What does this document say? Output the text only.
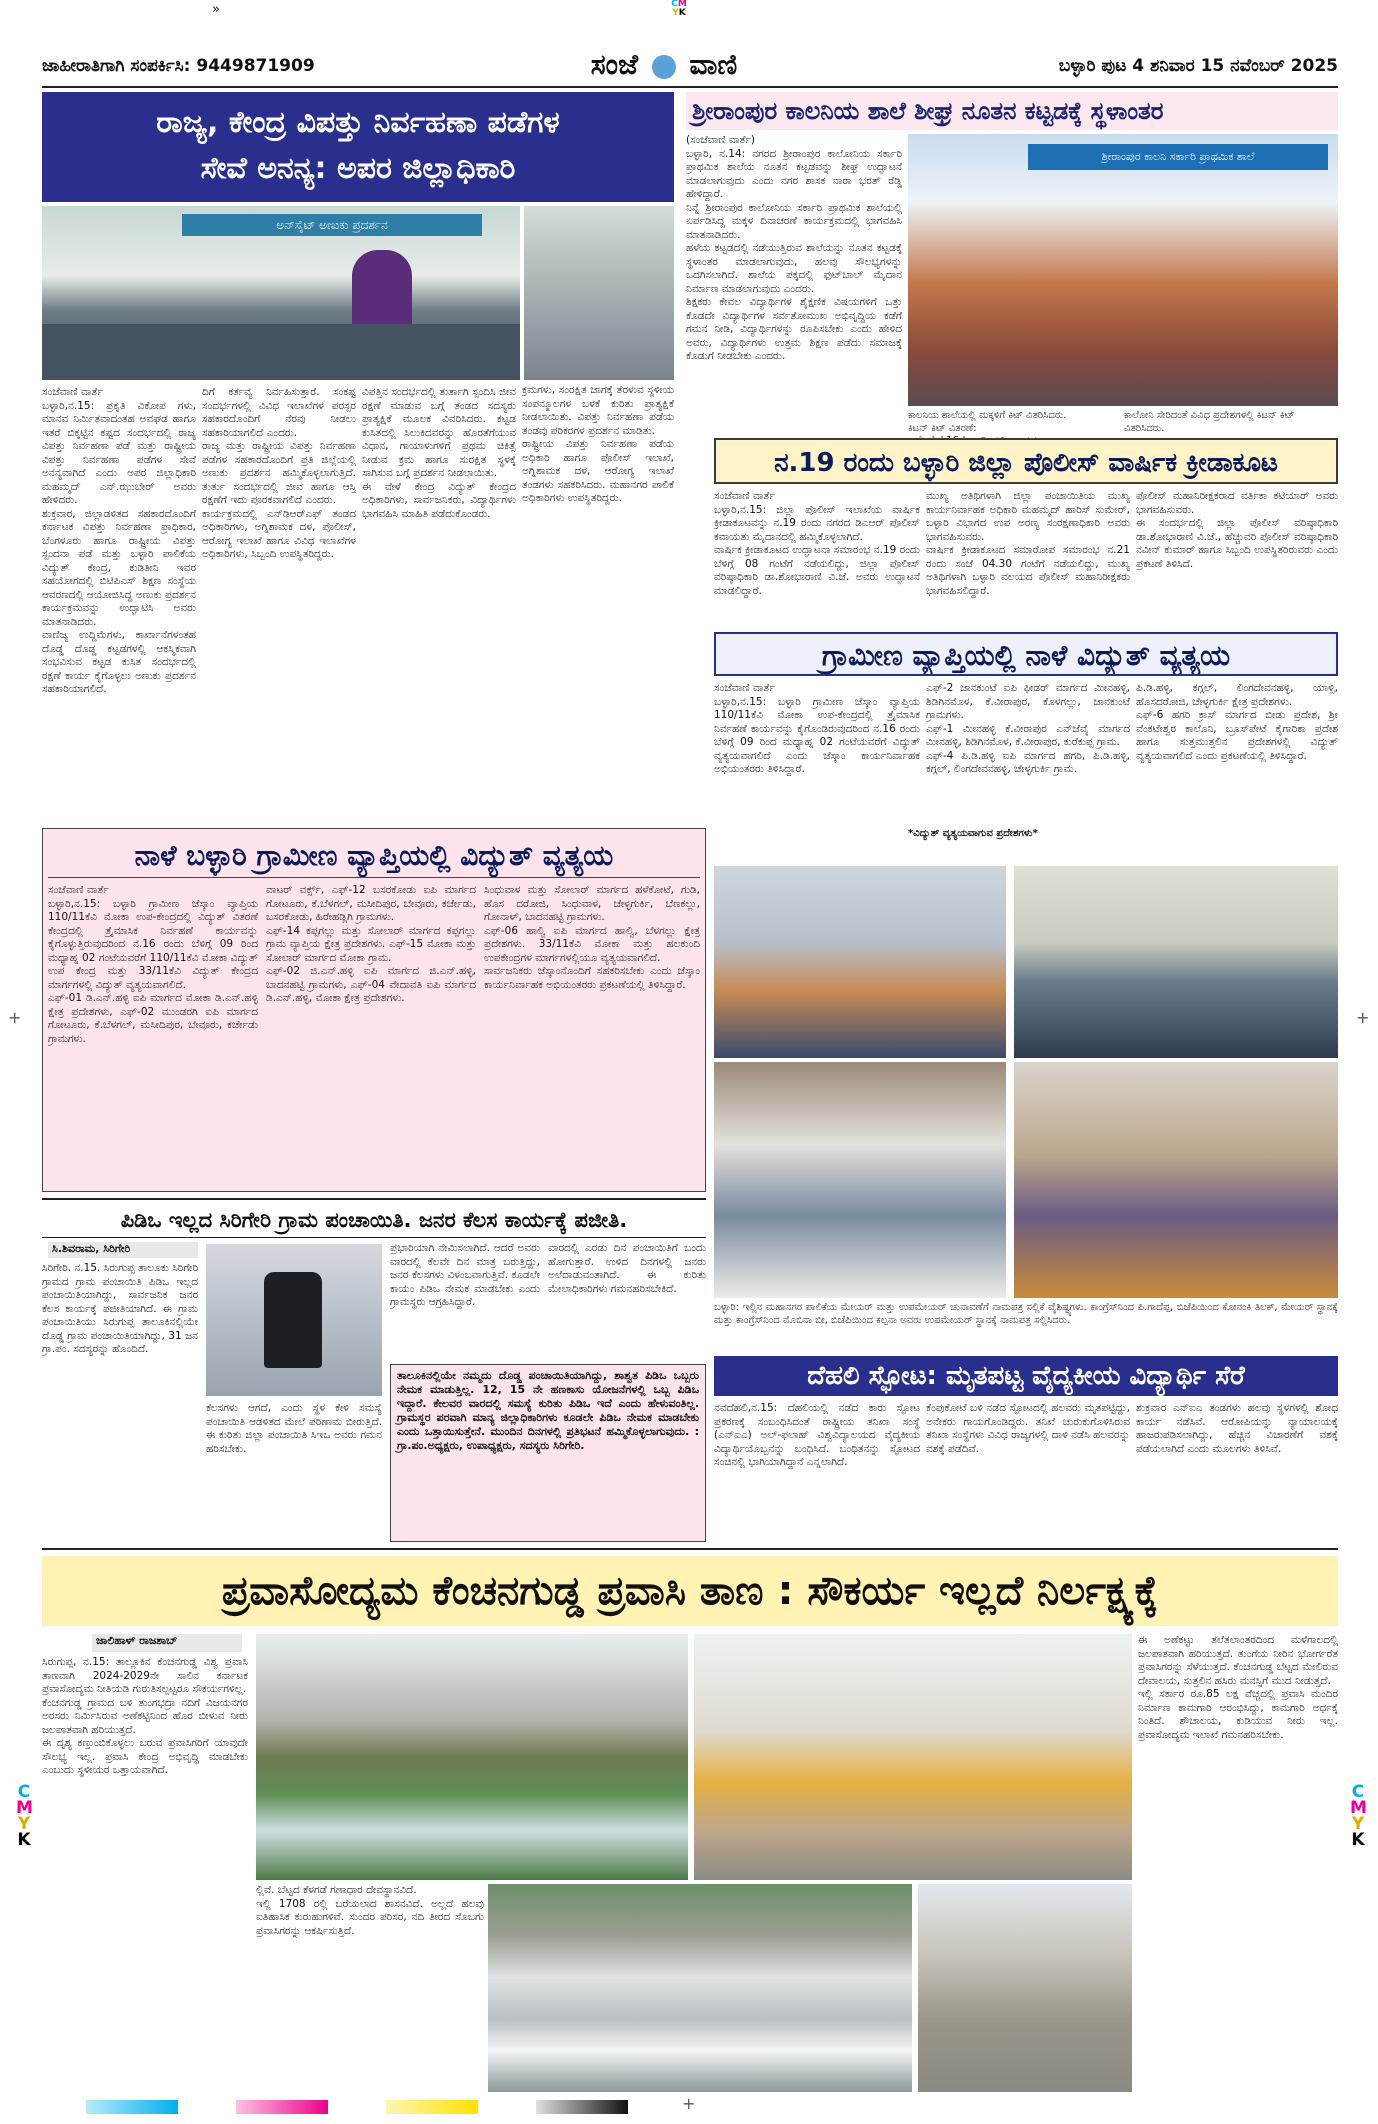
»	CM
YK
ಜಾಹೀರಾತಿಗಾಗಿ ಸಂಪರ್ಕಿಸಿ: 9449871909	ಸಂಜೆ ವಾಣಿ	ಬಳ್ಳಾರಿ ಪುಟ 4 ಶನಿವಾರ 15 ನವೆಂಬರ್ 2025
ರಾಜ್ಯ, ಕೇಂದ್ರ ವಿಪತ್ತು ನಿರ್ವಹಣಾ ಪಡೆಗಳ
ಸೇವೆ ಅನನ್ಯ: ಅಪರ ಜಿಲ್ಲಾಧಿಕಾರಿ
ಅನ್‌ಸೈಟ್ ಅಣುಕು ಪ್ರದರ್ಶನ
ಸಂಜೆವಾಣಿ ವಾರ್ತೆ
ಬಳ್ಳಾರಿ,ನ.15: ಪ್ರಕೃತಿ ವಿಕೋಪ ಗಳು, ಮಾನವ ನಿರ್ಮಿತವಾದಂತಹ ಅವಘಡ ಹಾಗೂ ಇತರೆ ಬಿಕ್ಕಟ್ಟಿನ ಕಷ್ಟದ ಸಂದರ್ಭದಲ್ಲಿ ರಾಜ್ಯ ವಿಪತ್ತು ನಿರ್ವಹಣಾ ಪಡೆ ಮತ್ತು ರಾಷ್ಟ್ರೀಯ ವಿಪತ್ತು ನಿರ್ವಹಣಾ ಪಡೆಗಳ ಸೇವೆ ಅನನ್ಯವಾಗಿದೆ ಎಂದು ಅಪರ ಜಿಲ್ಲಾಧಿಕಾರಿ ಮಹಮ್ಮದ್ ಎನ್.ಝುಬೇರ್ ಅವರು ಹೇಳಿದರು.
ಶುಕ್ರವಾರ, ಜಿಲ್ಲಾಡಳಿತದ ಸಹಕಾರದೊಂದಿಗೆ ಕರ್ನಾಟಕ ವಿಪತ್ತು ನಿರ್ವಹಣಾ ಪ್ರಾಧಿಕಾರ, ಬೆಂಗಳೂರು ಹಾಗೂ ರಾಷ್ಟ್ರೀಯ ವಿಪತ್ತು ಸ್ಪಂದನಾ ಪಡೆ ಮತ್ತು ಬಳ್ಳಾರಿ ಪಾಲಿಕೆಯ ವಿದ್ಯುತ್ ಕೇಂದ್ರ, ಕುಡಿತೀನಿ ಇವರ ಸಹಯೋಗದಲ್ಲಿ ಬಿಟಿಪಿಎಸ್ ಶಿಕ್ಷಣ ಸಂಸ್ಥೆಯ ಆವರಣದಲ್ಲಿ ಆಯೋಜಿಸಿದ್ದ ಅಣುಕು ಪ್ರದರ್ಶನ ಕಾರ್ಯಕ್ರಮವನ್ನು ಉದ್ಘಾಟಿಸಿ ಅವರು ಮಾತನಾಡಿದರು.
ವಾಣಿಜ್ಯ ಉದ್ದಿಮೆಗಳು, ಕಾರ್ಖಾನೆಗಳಂತಹ ದೊಡ್ಡ ದೊಡ್ಡ ಕಟ್ಟಡಗಳಲ್ಲಿ ಆಕಸ್ಮಿಕವಾಗಿ ಸಂಭವಿಸುವ ಕಟ್ಟಡ ಕುಸಿತ ಸಂದರ್ಭದಲ್ಲಿ ರಕ್ಷಣೆ ಕಾರ್ಯ ಕೈಗೊಳ್ಳಲು ಅಣುಕು ಪ್ರದರ್ಶನ ಸಹಕಾರಿಯಾಗಲಿದೆ.
ದಿಗೆ ಕರ್ತವ್ಯ ನಿರ್ವಹಿಸುತ್ತಾರೆ. ಸಂಕಷ್ಟ ಸಂದರ್ಭಗಳಲ್ಲಿ ವಿವಿಧ ಇಲಾಖೆಗಳ ಪರಸ್ಪರ ಸಹಕಾರದೊಂದಿಗೆ ನೆರವು ನೀಡಲು ಸಹಕಾರಿಯಾಗಲಿದೆ ಎಂದರು.
ರಾಜ್ಯ ಮತ್ತು ರಾಷ್ಟ್ರೀಯ ವಿಪತ್ತು ನಿರ್ವಹಣಾ ಪಡೆಗಳ ಸಹಕಾರದೊಂದಿಗೆ ಪ್ರತಿ ಜಿಲ್ಲೆಯಲ್ಲಿ ಅಣುಕು ಪ್ರದರ್ಶನ ಹಮ್ಮಿಕೊಳ್ಳಲಾಗುತ್ತಿದೆ. ತುರ್ತು ಸಂದರ್ಭದಲ್ಲಿ ಜೀವ ಹಾಗೂ ಆಸ್ತಿ ರಕ್ಷಣೆಗೆ ಇದು ಪೂರಕವಾಗಲಿದೆ ಎಂದರು.
ಕಾರ್ಯಕ್ರಮದಲ್ಲಿ ಎನ್‌ಡಿಆರ್‌ಎಫ್ ತಂಡದ ಅಧಿಕಾರಿಗಳು, ಅಗ್ನಿಶಾಮಕ ದಳ, ಪೊಲೀಸ್, ಆರೋಗ್ಯ ಇಲಾಖೆ ಹಾಗೂ ವಿವಿಧ ಇಲಾಖೆಗಳ ಅಧಿಕಾರಿಗಳು, ಸಿಬ್ಬಂದಿ ಉಪಸ್ಥಿತರಿದ್ದರು.
ವಿಪತ್ತಿನ ಸಂದರ್ಭದಲ್ಲಿ ತುರ್ತಾಗಿ ಸ್ಪಂದಿಸಿ ಜೀವ ರಕ್ಷಣೆ ಮಾಡುವ ಬಗ್ಗೆ ತಂಡದ ಸದಸ್ಯರು ಪ್ರಾತ್ಯಕ್ಷಿಕೆ ಮೂಲಕ ವಿವರಿಸಿದರು. ಕಟ್ಟಡ ಕುಸಿತದಲ್ಲಿ ಸಿಲುಕಿದವರನ್ನು ಹೊರತೆಗೆಯುವ ವಿಧಾನ, ಗಾಯಾಳುಗಳಿಗೆ ಪ್ರಥಮ ಚಿಕಿತ್ಸೆ ನೀಡುವ ಕ್ರಮ ಹಾಗೂ ಸುರಕ್ಷಿತ ಸ್ಥಳಕ್ಕೆ ಸಾಗಿಸುವ ಬಗ್ಗೆ ಪ್ರದರ್ಶನ ನೀಡಲಾಯಿತು.
ಈ ವೇಳೆ ಕೇಂದ್ರ ವಿದ್ಯುತ್ ಕೇಂದ್ರದ ಅಧಿಕಾರಿಗಳು, ಸಾರ್ವಜನಿಕರು, ವಿದ್ಯಾರ್ಥಿಗಳು ಭಾಗವಹಿಸಿ ಮಾಹಿತಿ ಪಡೆದುಕೊಂಡರು.
ಕ್ರಮಗಳು, ಸಂರಕ್ಷಿತ ಜಾಗಕ್ಕೆ ತೆರಳುವ ಸ್ಥಳೀಯ ಸಂಪನ್ಮೂಲಗಳ ಬಳಕೆ ಕುರಿತು ಪ್ರಾತ್ಯಕ್ಷಿಕೆ ನೀಡಲಾಯಿತು. ವಿಪತ್ತು ನಿರ್ವಹಣಾ ಪಡೆಯ ತಂಡವು ಪರಿಕರಗಳ ಪ್ರದರ್ಶನ ಮಾಡಿತು.
ರಾಷ್ಟ್ರೀಯ ವಿಪತ್ತು ನಿರ್ವಹಣಾ ಪಡೆಯ ಅಧಿಕಾರಿ ಹಾಗೂ ಪೊಲೀಸ್ ಇಲಾಖೆ, ಅಗ್ನಿಶಾಮಕ ದಳ, ಆರೋಗ್ಯ ಇಲಾಖೆ ತಂಡಗಳು ಸಹಕರಿಸಿದರು. ಮಹಾನಗರ ಪಾಲಿಕೆ ಅಧಿಕಾರಿಗಳು ಉಪಸ್ಥಿತರಿದ್ದರು.
ಶ್ರೀರಾಂಪುರ ಕಾಲನಿಯ ಶಾಲೆ ಶೀಘ್ರ ನೂತನ ಕಟ್ಟಡಕ್ಕೆ ಸ್ಥಳಾಂತರ
(ಸಂಜೆವಾಣಿ ವಾರ್ತೆ)
ಬಳ್ಳಾರಿ, ನ.14: ನಗರದ ಶ್ರೀರಾಂಪುರ ಕಾಲೋನಿಯ ಸರ್ಕಾರಿ ಪ್ರಾಥಮಿಕ ಶಾಲೆಯ ನೂತನ ಕಟ್ಟಡವನ್ನು ಶೀಘ್ರ ಉದ್ಘಾಟನೆ ಮಾಡಲಾಗುವುದು ಎಂದು ನಗರ ಶಾಸಕ ನಾರಾ ಭರತ್ ರೆಡ್ಡಿ ಹೇಳಿದ್ದಾರೆ.
ನಿನ್ನೆ ಶ್ರೀರಾಂಪುರ ಕಾಲೋನಿಯ ಸರ್ಕಾರಿ ಪ್ರಾಥಮಿಕ ಶಾಲೆಯಲ್ಲಿ ಏರ್ಪಡಿಸಿದ್ದ ಮಕ್ಕಳ ದಿನಾಚರಣೆ ಕಾರ್ಯಕ್ರಮದಲ್ಲಿ ಭಾಗವಹಿಸಿ ಮಾತನಾಡಿದರು.
ಹಳೆಯ ಕಟ್ಟಡದಲ್ಲಿ ನಡೆಯುತ್ತಿರುವ ಶಾಲೆಯನ್ನು ನೂತನ ಕಟ್ಟಡಕ್ಕೆ ಸ್ಥಳಾಂತರ ಮಾಡಲಾಗುವುದು, ಹಲವು ಸೌಲಭ್ಯಗಳನ್ನು ಒದಗಿಸಲಾಗಿದೆ. ಶಾಲೆಯ ಪಕ್ಕದಲ್ಲಿ ಫುಟ್‌ಬಾಲ್ ಮೈದಾನ ನಿರ್ಮಾಣ ಮಾಡಲಾಗುವುದು ಎಂದರು.
ಶಿಕ್ಷಕರು ಕೇವಲ ವಿದ್ಯಾರ್ಥಿಗಳ ಶೈಕ್ಷಣಿಕ ವಿಷಯಗಳಿಗೆ ಒತ್ತು ಕೊಡದೇ ವಿದ್ಯಾರ್ಥಿಗಳ ಸರ್ವತೋಮುಖ ಅಭಿವೃದ್ಧಿಯ ಕಡೆಗೆ ಗಮನ ನೀಡಿ, ವಿದ್ಯಾರ್ಥಿಗಳನ್ನು ರೂಪಿಸಬೇಕು ಎಂದು ಹೇಳಿದ ಅವರು, ವಿದ್ಯಾರ್ಥಿಗಳು ಉತ್ತಮ ಶಿಕ್ಷಣ ಪಡೆದು ಸಮಾಜಕ್ಕೆ ಕೊಡುಗೆ ನೀಡಬೇಕು ಎಂದರು.
ಶ್ರೀರಾಂಪುರ ಕಾಲನಿ ಸರ್ಕಾರಿ ಪ್ರಾಥಮಿಕ ಶಾಲೆ
ಕಾಲನಿಯ ಶಾಲೆಯಲ್ಲಿ ಮಕ್ಕಳಿಗೆ ಕಿಟ್ ವಿತರಿಸಿದರು.
ಕಿಟನ್ ಕಿಟ್ ವಿತರಣೆ:

ಕಾಲೋನಿ ಸೇರಿದಂತೆ ವಿವಿಧ ಪ್ರದೇಶಗಳಲ್ಲಿ ಕಿಟನ್ ಕಿಟ್ ವಿತರಿಸಿದರು.
ನ.19 ರಂದು ಬಳ್ಳಾರಿ ಜಿಲ್ಲಾ ಪೊಲೀಸ್ ವಾರ್ಷಿಕ ಕ್ರೀಡಾಕೂಟ
ಸಂಜೆವಾಣಿ ವಾರ್ತೆ
ಬಳ್ಳಾರಿ,ನ.15: ಜಿಲ್ಲಾ ಪೊಲೀಸ್ ಇಲಾಖೆಯ ವಾರ್ಷಿಕ ಕ್ರೀಡಾಕೂಟವನ್ನು ನ.19 ರಂದು ನಗರದ ಡಿಎಆರ್ ಪೊಲೀಸ್ ಕವಾಯತು ಮೈದಾನದಲ್ಲಿ ಹಮ್ಮಿಕೊಳ್ಳಲಾಗಿದೆ.
ವಾರ್ಷಿಕ ಕ್ರೀಡಾಕೂಟದ ಉದ್ಘಾಟನಾ ಸಮಾರಂಭ ನ.19 ರಂದು ಬೆಳಿಗ್ಗೆ 08 ಗಂಟೆಗೆ ನಡೆಯಲಿದ್ದು, ಜಿಲ್ಲಾ ಪೊಲೀಸ್ ವರಿಷ್ಠಾಧಿಕಾರಿ ಡಾ.ಶೋಭಾರಾಣಿ ವಿ.ಜೆ. ಅವರು ಉದ್ಘಾಟನೆ ಮಾಡಲಿದ್ದಾರೆ.
ಮುಖ್ಯ ಅತಿಥಿಗಳಾಗಿ ಜಿಲ್ಲಾ ಪಂಚಾಯಿತಿಯ ಮುಖ್ಯ ಕಾರ್ಯನಿರ್ವಾಹಕ ಅಧಿಕಾರಿ ಮಹಮ್ಮದ್ ಹಾರಿಸ್ ಸುಮೇರ್, ಬಳ್ಳಾರಿ ವಿಭಾಗದ ಉಪ ಅರಣ್ಯ ಸಂರಕ್ಷಣಾಧಿಕಾರಿ ಅವರು ಭಾಗವಹಿಸುವರು.
ವಾರ್ಷಿಕ ಕ್ರೀಡಾಕೂಟದ ಸಮಾರೋಪ ಸಮಾರಂಭ ನ.21 ರಂದು ಸಂಜೆ 04.30 ಗಂಟೆಗೆ ನಡೆಯಲಿದ್ದು, ಮುಖ್ಯ ಅತಿಥಿಗಳಾಗಿ ಬಳ್ಳಾರಿ ವಲಯದ ಪೊಲೀಸ್ ಮಹಾನಿರೀಕ್ಷಕರು ಭಾಗವಹಿಸಲಿದ್ದಾರೆ.
ಪೊಲೀಸ್ ಮಹಾನಿರೀಕ್ಷಕರಾದ ವರ್ತಿಕಾ ಕಟಿಯಾರ್ ಅವರು ಭಾಗವಹಿಸುವರು.
ಈ ಸಂದರ್ಭದಲ್ಲಿ ಜಿಲ್ಲಾ ಪೊಲೀಸ್ ವರಿಷ್ಠಾಧಿಕಾರಿ ಡಾ.ಶೋಭಾರಾಣಿ ವಿ.ಜೆ., ಹೆಚ್ಚುವರಿ ಪೊಲೀಸ್ ವರಿಷ್ಠಾಧಿಕಾರಿ ನವೀನ್ ಕುಮಾರ್ ಹಾಗೂ ಸಿಬ್ಬಂದಿ ಉಪಸ್ಥಿತರಿರುವರು ಎಂದು ಪ್ರಕಟಣೆ ತಿಳಿಸಿದೆ.
ಗ್ರಾಮೀಣ ವ್ಯಾಪ್ತಿಯಲ್ಲಿ ನಾಳೆ ವಿದ್ಯುತ್ ವ್ಯತ್ಯಯ
ಸಂಜೆವಾಣಿ ವಾರ್ತೆ
ಬಳ್ಳಾರಿ,ನ.15: ಬಳ್ಳಾರಿ ಗ್ರಾಮೀಣ ಜೆಸ್ಕಾಂ ವ್ಯಾಪ್ತಿಯ 110/11ಕೆವಿ ಮೋಕಾ ಉಪ-ಕೇಂದ್ರದಲ್ಲಿ ತ್ರೈಮಾಸಿಕ ನಿರ್ವಹಣೆ ಕಾರ್ಯವನ್ನು ಕೈಗೊಂಡಿರುವುದರಿಂದ ನ.16 ರಂದು ಬೆಳಿಗ್ಗೆ 09 ರಿಂದ ಮಧ್ಯಾಹ್ನ 02 ಗಂಟೆಯವರೆಗೆ ವಿದ್ಯುತ್ ವ್ಯತ್ಯಯವಾಗಲಿದೆ ಎಂದು ಜೆಸ್ಕಾಂ ಕಾರ್ಯನಿರ್ವಾಹಕ ಅಭಿಯಂತರರು ತಿಳಿಸಿದ್ದಾರೆ.
ಎಫ್-2 ಜಾನಕುಂಟೆ ಐಪಿ ಫೀಡರ್ ಮಾರ್ಗದ ಮೀನಹಳ್ಳಿ, ಶಿಡಿಗಿನಮೊಳ, ಕೆ.ವೀರಾಪುರ, ಕೊಳಗಲ್ಲು, ಜಾನಕುಂಟೆ ಗ್ರಾಮಗಳು.
ಎಫ್-1 ಮೀನಹಳ್ಳಿ ಕೆ.ವೀರಾಪುರ ಎನ್‌ಜೆವೈ ಮಾರ್ಗದ ಮೀನಹಳ್ಳಿ, ಶಿಡಿಗಿನಮೊಳ, ಕೆ.ವೀರಾಪುರ, ಕುರೆಕುಪ್ಪ ಗ್ರಾಮ.
ಎಫ್-4 ಪಿ.ಡಿ.ಹಳ್ಳಿ ಐಪಿ ಮಾರ್ಗದ ಹಗರಿ, ಪಿ.ಡಿ.ಹಳ್ಳಿ, ಕಗ್ಗಲ್, ಲಿಂಗದೇವನಹಳ್ಳಿ, ಚೇಳ್ಳಗುರ್ಕಿ ಗ್ರಾಮ.
ಪಿ.ಡಿ.ಹಳ್ಳಿ, ಕಗ್ಗಲ್, ಲಿಂಗದೇವನಹಳ್ಳಿ, ಯಾಳ್ಪಿ, ಹೊಸದರೋಜಿ, ಚೇಳ್ಳಗುರ್ಕಿ ಕ್ಷೇತ್ರ ಪ್ರದೇಶಗಳು.
ಎಫ್-6 ಹಗರಿ ಕ್ರಾಸ್ ಮಾರ್ಗದ ಬೀಡು ಪ್ರದೇಶ, ಶ್ರೀ ವೆಂಕಟೇಶ್ವರ ಕಾಲೊನಿ, ಬ್ರೂಸ್‌ಪೇಟೆ ಕೈಗಾರಿಕಾ ಪ್ರದೇಶ ಹಾಗೂ ಸುತ್ತಮುತ್ತಲಿನ ಪ್ರದೇಶಗಳಲ್ಲಿ ವಿದ್ಯುತ್ ವ್ಯತ್ಯಯವಾಗಲಿದೆ ಎಂದು ಪ್ರಕಟಣೆಯಲ್ಲಿ ತಿಳಿಸಿದ್ದಾರೆ.
ನಾಳೆ ಬಳ್ಳಾರಿ ಗ್ರಾಮೀಣ ವ್ಯಾಪ್ತಿಯಲ್ಲಿ ವಿದ್ಯುತ್ ವ್ಯತ್ಯಯ
ಸಂಜೆವಾಣಿ ವಾರ್ತೆ
ಬಳ್ಳಾರಿ,ನ.15: ಬಳ್ಳಾರಿ ಗ್ರಾಮೀಣ ಜೆಸ್ಕಾಂ ವ್ಯಾಪ್ತಿಯ 110/11ಕೆವಿ ಮೋಕಾ ಉಪ-ಕೇಂದ್ರದಲ್ಲಿ ವಿದ್ಯುತ್ ವಿತರಣೆ ಕೇಂದ್ರದಲ್ಲಿ ತ್ರೈಮಾಸಿಕ ನಿರ್ವಹಣೆ ಕಾರ್ಯವನ್ನು ಕೈಗೊಳ್ಳುತ್ತಿರುವುದರಿಂದ ನ.16 ರಂದು ಬೆಳಿಗ್ಗೆ 09 ರಿಂದ ಮಧ್ಯಾಹ್ನ 02 ಗಂಟೆಯವರೆಗೆ 110/11ಕೆವಿ ಮೋಕಾ ವಿದ್ಯುತ್ ಉಪ ಕೇಂದ್ರ ಮತ್ತು 33/11ಕೆವಿ ವಿದ್ಯುತ್ ಕೇಂದ್ರದ ಮಾರ್ಗಗಳಲ್ಲಿ ವಿದ್ಯುತ್ ವ್ಯತ್ಯಯವಾಗಲಿದೆ.
ಎಫ್-01 ಡಿ.ಎನ್.ಹಳ್ಳಿ ಐಪಿ ಮಾರ್ಗದ ಮೋಕಾ ಡಿ.ಎನ್.ಹಳ್ಳಿ ಕ್ಷೇತ್ರ ಪ್ರದೇಶಗಳು, ಎಫ್-02 ಮುಂಡರಗಿ ಐಪಿ ಮಾರ್ಗದ ಗೋಟೂರು, ಕೆ.ಬೆಳಗಲ್, ಮಸೀದಿಪುರ, ಬೇವೂರು, ಕರ್ಚೇಡು ಗ್ರಾಮಗಳು.
ವಾಟರ್ ವರ್ಕ್ಸ್, ಎಫ್-12 ಬಸರಕೋಡು ಐಪಿ ಮಾರ್ಗದ ಗೋಟೂರು, ಕೆ.ಬೆಳಗಲ್, ಮಸೀದಿಪುರ, ಬೇವೂರು, ಕರ್ಚೇಡು, ಬಸರಕೋಡು, ಹಿರೇಹಡ್ಲಿಗಿ ಗ್ರಾಮಗಳು.
ಎಫ್-14 ಕಪ್ಪಗಲ್ಲು ಮತ್ತು ಸೋಲಾರ್ ಮಾರ್ಗದ ಕಪ್ಪಗಲ್ಲು ಗ್ರಾಮ ವ್ಯಾಪ್ತಿಯ ಕ್ಷೇತ್ರ ಪ್ರದೇಶಗಳು. ಎಫ್-15 ಮೋಕಾ ಮತ್ತು ಸೋಲಾರ್ ಮಾರ್ಗದ ಮೋಕಾ ಗ್ರಾಮ.
ಎಫ್-02 ಜಿ.ಎನ್.ಹಳ್ಳಿ ಐಪಿ ಮಾರ್ಗದ ಜಿ.ಎನ್.ಹಳ್ಳಿ, ಬಾದನಹಟ್ಟಿ ಗ್ರಾಮಗಳು, ಎಫ್-04 ವೇದಾವತಿ ಐಪಿ ಮಾರ್ಗದ ಡಿ.ಎನ್.ಹಳ್ಳಿ, ಮೋಕಾ ಕ್ಷೇತ್ರ ಪ್ರದೇಶಗಳು.
ಸಿಂಧುವಾಳ ಮತ್ತು ಸೋಲಾರ್ ಮಾರ್ಗದ ಹಳೆಕೋಟೆ, ಗುಡಿ, ಹೊಸ ದರೋಜಿ, ಸಿಂಧುವಾಳ, ಚೇಳ್ಳಗುರ್ಕಿ, ಬೆಣಕಲ್ಲು, ಗೋನಾಳ್, ಬಾದನಹಟ್ಟಿ ಗ್ರಾಮಗಳು.
ಎಫ್-06 ಹಾಲ್ವಿ ಐಪಿ ಮಾರ್ಗದ ಹಾಲ್ವಿ, ಬೆಳಗಲ್ಲು ಕ್ಷೇತ್ರ ಪ್ರದೇಶಗಳು. 33/11ಕೆವಿ ಮೋಕಾ ಮತ್ತು ಹಲಕುಂದಿ ಉಪಕೇಂದ್ರಗಳ ಮಾರ್ಗಗಳಲ್ಲಿಯೂ ವ್ಯತ್ಯಯವಾಗಲಿದೆ.
ಸಾರ್ವಜನಿಕರು ಜೆಸ್ಕಾಂನೊಂದಿಗೆ ಸಹಕರಿಸಬೇಕು ಎಂದು ಜೆಸ್ಕಾಂ ಕಾರ್ಯನಿರ್ವಾಹಕ ಅಭಿಯಂತರರು ಪ್ರಕಟಣೆಯಲ್ಲಿ ತಿಳಿಸಿದ್ದಾರೆ.
ಪಿಡಿಒ ಇಲ್ಲದ ಸಿರಿಗೇರಿ ಗ್ರಾಮ ಪಂಚಾಯಿತಿ. ಜನರ ಕೆಲಸ ಕಾರ್ಯಕ್ಕೆ ಪಜೀತಿ.
ಸಿ.ಶಿವರಾಮ, ಸಿರಿಗೇರಿ
ಸಿರಿಗೇರಿ. ನ.15. ಸಿರುಗುಪ್ಪ ತಾಲೂಕು ಸಿರಿಗೇರಿ ಗ್ರಾಮದ ಗ್ರಾಮ ಪಂಚಾಯಿತಿ ಪಿಡಿಒ ಇಲ್ಲದ ಪಂಚಾಯಿತಿಯಾಗಿದ್ದು, ಸಾರ್ವಜನಿಕ ಜನರ ಕೆಲಸ ಕಾರ್ಯಕ್ಕೆ ಪಜೀತಿಯಾಗಿದೆ. ಈ ಗ್ರಾಮ ಪಂಚಾಯಿತಿಯು ಸಿರುಗುಪ್ಪ ತಾಲೂಕಿನಲ್ಲಿಯೇ ದೊಡ್ಡ ಗ್ರಾಮ ಪಂಚಾಯಿತಿಯಾಗಿದ್ದು, 31 ಜನ ಗ್ರಾ.ಪಂ. ಸದಸ್ಯರನ್ನು ಹೊಂದಿದೆ.
ಪ್ರಭಾರಿಯಾಗಿ ನೇಮಿಸಲಾಗಿದೆ. ಆದರೆ ಅವರು ವಾರದಲ್ಲಿ ಕೆಲವೇ ದಿನ ಮಾತ್ರ ಬರುತ್ತಿದ್ದು, ಜನರ ಕೆಲಸಗಳು ವಿಳಂಬವಾಗುತ್ತಿವೆ. ಕೂಡಲೇ ಕಾಯಂ ಪಿಡಿಒ ನೇಮಕ ಮಾಡಬೇಕು ಎಂದು ಗ್ರಾಮಸ್ಥರು ಆಗ್ರಹಿಸಿದ್ದಾರೆ.
ವಾರದಲ್ಲಿ ಎರಡು ದಿನ ಪಂಚಾಯಿತಿಗೆ ಬಂದು ಹೋಗುತ್ತಾರೆ. ಉಳಿದ ದಿನಗಳಲ್ಲಿ ಜನರು ಅಲೆದಾಡುವಂತಾಗಿದೆ. ಈ ಕುರಿತು ಮೇಲಾಧಿಕಾರಿಗಳು ಗಮನಹರಿಸಬೇಕಿದೆ.
ಕೆಲಸಗಳು ಆಗದೆ, ಎಂದು ಸ್ಥಳ ಕೇಳಿ ಸಮಸ್ಯೆ ಪಂಚಾಯಿತಿ ಆಡಳಿತದ ಮೇಲೆ ಪರಿಣಾಮ ಬೀರುತ್ತಿದೆ. ಈ ಕುರಿತು ಜಿಲ್ಲಾ ಪಂಚಾಯಿತಿ ಸಿಇಒ ಅವರು ಗಮನ ಹರಿಸಬೇಕು.
ತಾಲೂಕಿನಲ್ಲಿಯೇ ನಮ್ಮದು ದೊಡ್ಡ ಪಂಚಾಯಿತಿಯಾಗಿದ್ದು, ಶಾಶ್ವತ ಪಿಡಿಒ ಒಬ್ಬರು ನೇಮಕ ಮಾಡುತ್ತಿಲ್ಲ. 12, 15 ನೇ ಹಣಕಾಸು ಯೋಜನೆಗಳಲ್ಲಿ ಒಬ್ಬ ಪಿಡಿಒ ಇದ್ದಾರೆ. ಕೇಲವರ ವಾರದಲ್ಲಿ ಸಮಸ್ಯೆ ಕುರಿತು ಪಿಡಿಒ ಇದೆ ಎಂದು ಹೇಳುವಂತಿಲ್ಲ. ಗ್ರಾಮಸ್ಥರ ಪರವಾಗಿ ಮಾನ್ಯ ಜಿಲ್ಲಾಧಿಕಾರಿಗಳು ಕೂಡಲೇ ಪಿಡಿಒ ನೇಮಕ ಮಾಡಬೇಕು ಎಂದು ಒತ್ತಾಯಿಸುತ್ತೇನೆ. ಮುಂದಿನ ದಿನಗಳಲ್ಲಿ ಪ್ರತಿಭಟನೆ ಹಮ್ಮಿಕೊಳ್ಳಲಾಗುವುದು. : ಗ್ರಾ.ಪಂ.ಅಧ್ಯಕ್ಷರು, ಉಪಾಧ್ಯಕ್ಷರು, ಸದಸ್ಯರು ಸಿರಿಗೇರಿ.
*ವಿದ್ಯುತ್ ವ್ಯತ್ಯಯವಾಗುವ ಪ್ರದೇಶಗಳು*
ಬಳ್ಳಾರಿ: ಇಲ್ಲಿನ ಮಹಾನಗರ ಪಾಲಿಕೆಯ ಮೇಯರ್ ಮತ್ತು ಉಪಮೇಯರ್ ಚುನಾವಣೆಗೆ ನಾಮಪತ್ರ ಸಲ್ಲಿಕೆ ವೈಶಿಷ್ಟ್ಯಗಳು. ಕಾಂಗ್ರೆಸ್‌ನಿಂದ ಪಿ.ಗಾದೆಪ್ಪ, ಬಿಜೆಪಿಯಿಂದ ಕೋನಂಕಿ ತಿಲಕ್, ಮೇಯರ್ ಸ್ಥಾನಕ್ಕೆ ಮತ್ತು ಕಾಂಗ್ರೆಸ್‌ನಿಂದ ಮೊಬಿನಾ ಬೀ, ಬಿಜೆಪಿಯಿಂದ ಕಲ್ಪನಾ ಅವರು ಉಪಮೇಯರ್ ಸ್ಥಾನಕ್ಕೆ ನಾಮಪತ್ರ ಸಲ್ಲಿಸಿದರು.
ದೆಹಲಿ ಸ್ಫೋಟ: ಮೃತಪಟ್ಟ ವೈದ್ಯಕೀಯ ವಿದ್ಯಾರ್ಥಿ ಸೆರೆ
ನವದೆಹಲಿ,ನ.15: ದೆಹಲಿಯಲ್ಲಿ ನಡೆದ ಕಾರು ಸ್ಫೋಟ ಪ್ರಕರಣಕ್ಕೆ ಸಂಬಂಧಿಸಿದಂತೆ ರಾಷ್ಟ್ರೀಯ ತನಿಖಾ ಸಂಸ್ಥೆ (ಎನ್ಐಎ) ಅಲ್-ಫಲಾಹ್ ವಿಶ್ವವಿದ್ಯಾಲಯದ ವೈದ್ಯಕೀಯ ವಿದ್ಯಾರ್ಥಿಯೊಬ್ಬನನ್ನು ಬಂಧಿಸಿದೆ. ಬಂಧಿತನನ್ನು ಸ್ಫೋಟದ ಸಂಚಿನಲ್ಲಿ ಭಾಗಿಯಾಗಿದ್ದಾನೆ ಎನ್ನಲಾಗಿದೆ.
ಕೆಂಪುಕೋಟೆ ಬಳಿ ನಡೆದ ಸ್ಫೋಟದಲ್ಲಿ ಹಲವರು ಮೃತಪಟ್ಟಿದ್ದು, ಅನೇಕರು ಗಾಯಗೊಂಡಿದ್ದರು. ತನಿಖೆ ಚುರುಕುಗೊಳಿಸಿರುವ ತನಿಖಾ ಸಂಸ್ಥೆಗಳು ವಿವಿಧ ರಾಜ್ಯಗಳಲ್ಲಿ ದಾಳಿ ನಡೆಸಿ ಹಲವರನ್ನು ವಶಕ್ಕೆ ಪಡೆದಿವೆ.
ಶುಕ್ರವಾರ ಎನ್ಐಎ ತಂಡಗಳು ಹಲವು ಸ್ಥಳಗಳಲ್ಲಿ ಶೋಧ ಕಾರ್ಯ ನಡೆಸಿವೆ. ಆರೋಪಿಯನ್ನು ನ್ಯಾಯಾಲಯಕ್ಕೆ ಹಾಜರುಪಡಿಸಲಾಗಿದ್ದು, ಹೆಚ್ಚಿನ ವಿಚಾರಣೆಗೆ ವಶಕ್ಕೆ ಪಡೆಯಲಾಗಿದೆ ಎಂದು ಮೂಲಗಳು ತಿಳಿಸಿವೆ.
ಪ್ರವಾಸೋದ್ಯಮ ಕೆಂಚನಗುಡ್ಡ ಪ್ರವಾಸಿ ತಾಣ : ಸೌಕರ್ಯ ಇಲ್ಲದೆ ನಿರ್ಲಕ್ಷ್ಯಕ್ಕೆ
ಜಾಲಿಹಾಳ್ ರಾಜಶಾಬ್
ಸಿರುಗುಪ್ಪ, ನ.15: ತಾಲ್ಲೂಕಿನ ಕೆಂಚನಗುಡ್ಡ ವಿಶ್ವ ಪ್ರವಾಸಿ ತಾಣವಾಗಿ 2024-2029ನೇ ಸಾಲಿನ ಕರ್ನಾಟಕ ಪ್ರವಾಸೋದ್ಯಮ ನೀತಿಯಡಿ ಗುರುತಿಸಲ್ಪಟ್ಟರೂ ಸೌಕರ್ಯಗಳಿಲ್ಲ.
ಕೆಂಚನಗುಡ್ಡ ಗ್ರಾಮದ ಬಳಿ ತುಂಗಭದ್ರಾ ನದಿಗೆ ವಿಜಯನಗರ ಅರಸರು ನಿರ್ಮಿಸಿರುವ ಅಣೆಕಟ್ಟಿನಿಂದ ಹೊರ ಬೀಳುವ ನೀರು ಜಲಪಾತವಾಗಿ ಹರಿಯುತ್ತದೆ.
ಈ ದೃಶ್ಯ ಕಣ್ತುಂಬಿಕೊಳ್ಳಲು ಬರುವ ಪ್ರವಾಸಿಗರಿಗೆ ಯಾವುದೇ ಸೌಲಭ್ಯ ಇಲ್ಲ. ಪ್ರವಾಸಿ ಕೇಂದ್ರ ಅಭಿವೃದ್ಧಿ ಮಾಡಬೇಕು ಎಂಬುದು ಸ್ಥಳೀಯರ ಒತ್ತಾಯವಾಗಿದೆ.
ಲ್ಲಿವೆ. ಬೆಟ್ಟದ ಕೆಳಗಡೆ ಗಣಾಧಾರ ದೇವಸ್ಥಾನವಿದೆ.
ಇಲ್ಲಿ 1708 ರಲ್ಲಿ ಬರೆಯಲಾದ ಶಾಸನವಿದೆ. ಅಲ್ಲದೆ ಹಲವು ಐತಿಹಾಸಿಕ ಕುರುಹುಗಳಿವೆ. ಸುಂದರ ಪರಿಸರ, ನದಿ ತೀರದ ಸೊಬಗು ಪ್ರವಾಸಿಗರನ್ನು ಆಕರ್ಷಿಸುತ್ತಿದೆ.
ಈ ಅಣೆಕಟ್ಟು ತಲೆತಲಾಂತರದಿಂದ ಮಳೆಗಾಲದಲ್ಲಿ ಜಲಪಾತವಾಗಿ ಹರಿಯುತ್ತದೆ. ತುಂಗೆಯ ನೀರಿನ ಭೋರ್ಗರೆತ ಪ್ರವಾಸಿಗರನ್ನು ಸೆಳೆಯುತ್ತದೆ. ಕೆಂಚನಗುಡ್ಡ ಬೆಟ್ಟದ ಮೇಲಿರುವ ದೇವಾಲಯ, ಸುತ್ತಲಿನ ಹಸಿರು ಮನಸ್ಸಿಗೆ ಮುದ ನೀಡುತ್ತದೆ.
ಇಲ್ಲಿ ಸರ್ಕಾರ ರೂ.85 ಲಕ್ಷ ವೆಚ್ಚದಲ್ಲಿ ಪ್ರವಾಸಿ ಮಂದಿರ ನಿರ್ಮಾಣ ಕಾಮಗಾರಿ ಆರಂಭಿಸಿದ್ದು, ಕಾಮಗಾರಿ ಅರ್ಧಕ್ಕೆ ನಿಂತಿದೆ. ಶೌಚಾಲಯ, ಕುಡಿಯುವ ನೀರು ಇಲ್ಲ. ಪ್ರವಾಸೋದ್ಯಮ ಇಲಾಖೆ ಗಮನಹರಿಸಬೇಕು.
C
M
Y
K
C
M
Y
K
+	+
+
